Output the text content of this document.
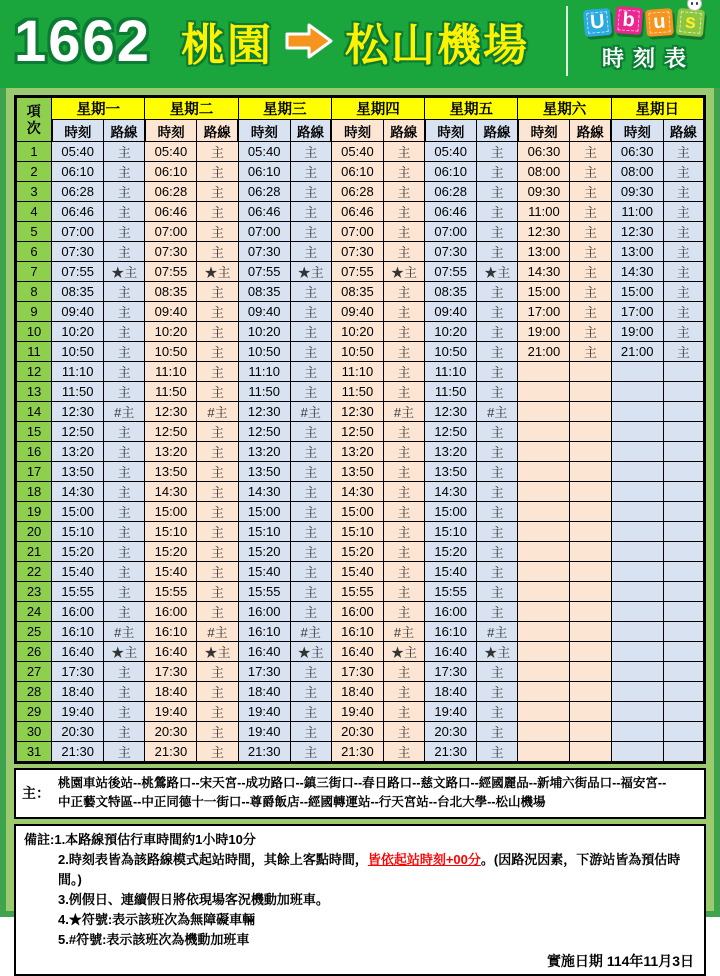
1662 桃園 松山機場	U b u s
時刻表
項
次	星期一		星期二		星期三		星期四		星期五		星期六		星期日	
	時刻	路線	時刻	路線	時刻	路線	時刻	路線	時刻	路線	時刻	路線	時刻	路線
1	05:40	主	05:40	主	05:40	主	05:40	主	05:40	主	06:30	主	06:30	主
2	06:10	主	06:10	主	06:10	主	06:10	主	06:10	主	08:00	主	08:00	主
3	06:28	主	06:28	主	06:28	主	06:28	主	06:28	主	09:30	主	09:30	主
4	06:46	主	06:46	主	06:46	主	06:46	主	06:46	主	11:00	主	11:00	主
5	07:00	主	07:00	主	07:00	主	07:00	主	07:00	主	12:30	主	12:30	主
6	07:30	主	07:30	主	07:30	主	07:30	主	07:30	主	13:00	主	13:00	主
7	07:55	★主	07:55	★主	07:55	★主	07:55	★主	07:55	★主	14:30	主	14:30	主
8	08:35	主	08:35	主	08:35	主	08:35	主	08:35	主	15:00	主	15:00	主
9	09:40	主	09:40	主	09:40	主	09:40	主	09:40	主	17:00	主	17:00	主
10	10:20	主	10:20	主	10:20	主	10:20	主	10:20	主	19:00	主	19:00	主
11	10:50	主	10:50	主	10:50	主	10:50	主	10:50	主	21:00	主	21:00	主
12	11:10	主	11:10	主	11:10	主	11:10	主	11:10	主				
13	11:50	主	11:50	主	11:50	主	11:50	主	11:50	主				
14	12:30	#主	12:30	#主	12:30	#主	12:30	#主	12:30	#主				
15	12:50	主	12:50	主	12:50	主	12:50	主	12:50	主				
16	13:20	主	13:20	主	13:20	主	13:20	主	13:20	主				
17	13:50	主	13:50	主	13:50	主	13:50	主	13:50	主				
18	14:30	主	14:30	主	14:30	主	14:30	主	14:30	主				
19	15:00	主	15:00	主	15:00	主	15:00	主	15:00	主				
20	15:10	主	15:10	主	15:10	主	15:10	主	15:10	主				
21	15:20	主	15:20	主	15:20	主	15:20	主	15:20	主				
22	15:40	主	15:40	主	15:40	主	15:40	主	15:40	主				
23	15:55	主	15:55	主	15:55	主	15:55	主	15:55	主				
24	16:00	主	16:00	主	16:00	主	16:00	主	16:00	主				
25	16:10	#主	16:10	#主	16:10	#主	16:10	#主	16:10	#主				
26	16:40	★主	16:40	★主	16:40	★主	16:40	★主	16:40	★主				
27	17:30	主	17:30	主	17:30	主	17:30	主	17:30	主				
28	18:40	主	18:40	主	18:40	主	18:40	主	18:40	主				
29	19:40	主	19:40	主	19:40	主	19:40	主	19:40	主				
30	20:30	主	20:30	主	19:40	主	20:30	主	20:30	主				
31	21:30	主	21:30	主	21:30	主	21:30	主	21:30	主				
主：
桃園車站後站--桃鶯路口--宋天宮--成功路口--鎮三街口--春日路口--慈文路口--經國麗品--新埔六街品口--福安宮--
中正藝文特區--中正同德十一街口--尊爵飯店--經國轉運站--行天宮站--台北大學--松山機場
備註:1.本路線預估行車時間約1小時10分
2.時刻表皆為該路線模式起站時間，其餘上客點時間，皆依起站時刻+00分。(因路況因素，下游站皆為預估時間。)
3.例假日、連續假日將依現場客況機動加班車。
4.★符號:表示該班次為無障礙車輛
5.#符號:表示該班次為機動加班車
實施日期 114年11月3日
